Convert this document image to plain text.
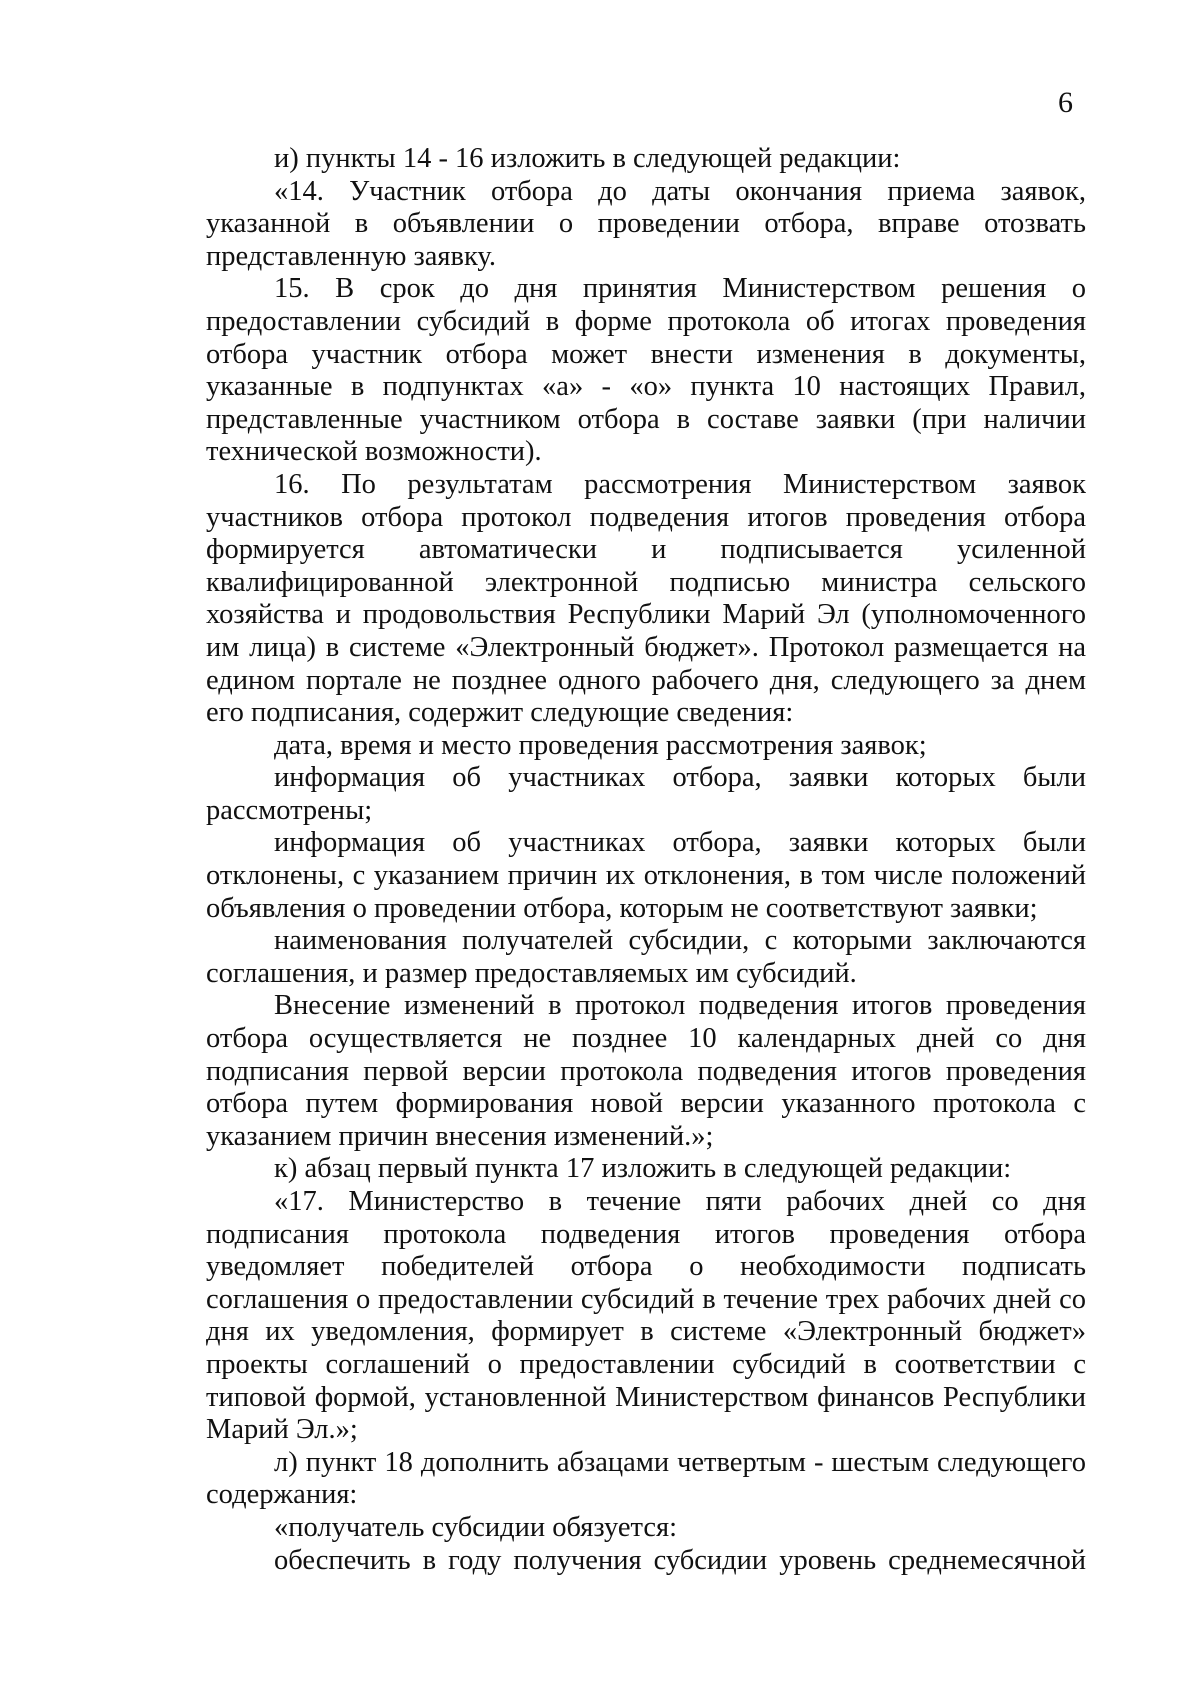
6

и) пункты 14 - 16 изложить в следующей редакции:

«14. Участник отбора до даты окончания приема заявок, указанной в объявлении о проведении отбора, вправе отозвать представленную заявку.

15. В срок до дня принятия Министерством решения о предоставлении субсидий в форме протокола об итогах проведения отбора участник отбора может внести изменения в документы, указанные в подпунктах «а» - «о» пункта 10 настоящих Правил, представленные участником отбора в составе заявки (при наличии технической возможности).

16. По результатам рассмотрения Министерством заявок участников отбора протокол подведения итогов проведения отбора формируется автоматически и подписывается усиленной квалифицированной электронной подписью министра сельского хозяйства и продовольствия Республики Марий Эл (уполномоченного им лица) в системе «Электронный бюджет». Протокол размещается на едином портале не позднее одного рабочего дня, следующего за днем его подписания, содержит следующие сведения:

дата, время и место проведения рассмотрения заявок;

информация об участниках отбора, заявки которых были рассмотрены;

информация об участниках отбора, заявки которых были отклонены, с указанием причин их отклонения, в том числе положений объявления о проведении отбора, которым не соответствуют заявки;

наименования получателей субсидии, с которыми заключаются соглашения, и размер предоставляемых им субсидий.

Внесение изменений в протокол подведения итогов проведения отбора осуществляется не позднее 10 календарных дней со дня подписания первой версии протокола подведения итогов проведения отбора путем формирования новой версии указанного протокола с указанием причин внесения изменений.»;

к) абзац первый пункта 17 изложить в следующей редакции:

«17. Министерство в течение пяти рабочих дней со дня подписания протокола подведения итогов проведения отбора уведомляет победителей отбора о необходимости подписать соглашения о предоставлении субсидий в течение трех рабочих дней со дня их уведомления, формирует в системе «Электронный бюджет» проекты соглашений о предоставлении субсидий в соответствии с типовой формой, установленной Министерством финансов Республики Марий Эл.»;

л) пункт 18 дополнить абзацами четвертым - шестым следующего содержания:

«получатель субсидии обязуется:

обеспечить в году получения субсидии уровень среднемесячной
